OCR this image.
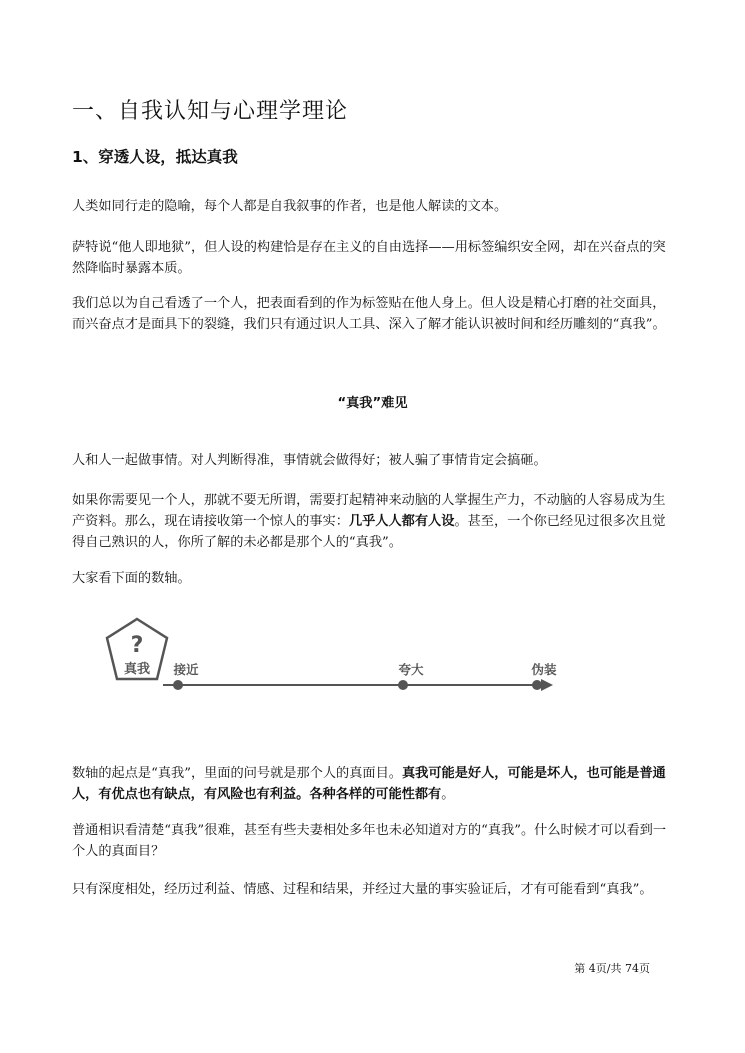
一、自我认知与心理学理论
1、穿透人设，抵达真我

人类如同行走的隐喻，每个人都是自我叙事的作者，也是他人解读的文本。

萨特说“他人即地狱”，但人设的构建恰是存在主义的自由选择——用标签编织安全网，却在兴奋点的突然降临时暴露本质。

我们总以为自己看透了一个人，把表面看到的作为标签贴在他人身上。但人设是精心打磨的社交面具，而兴奋点才是面具下的裂缝，我们只有通过识人工具、深入了解才能认识被时间和经历雕刻的“真我”。

“真我”难见

人和人一起做事情。对人判断得准，事情就会做得好；被人骗了事情肯定会搞砸。

如果你需要见一个人，那就不要无所谓，需要打起精神来动脑的人掌握生产力，不动脑的人容易成为生产资料。那么，现在请接收第一个惊人的事实：几乎人人都有人设。甚至，一个你已经见过很多次且觉得自己熟识的人，你所了解的未必都是那个人的“真我”。

大家看下面的数轴。

?
真我 接近	夸大	伪装

数轴的起点是“真我”，里面的问号就是那个人的真面目。真我可能是好人，可能是坏人，也可能是普通人，有优点也有缺点，有风险也有利益。各种各样的可能性都有。

普通相识看清楚“真我”很难，甚至有些夫妻相处多年也未必知道对方的“真我”。什么时候才可以看到一个人的真面目？

只有深度相处，经历过利益、情感、过程和结果，并经过大量的事实验证后，才有可能看到“真我”。

第 4页/共 74页
